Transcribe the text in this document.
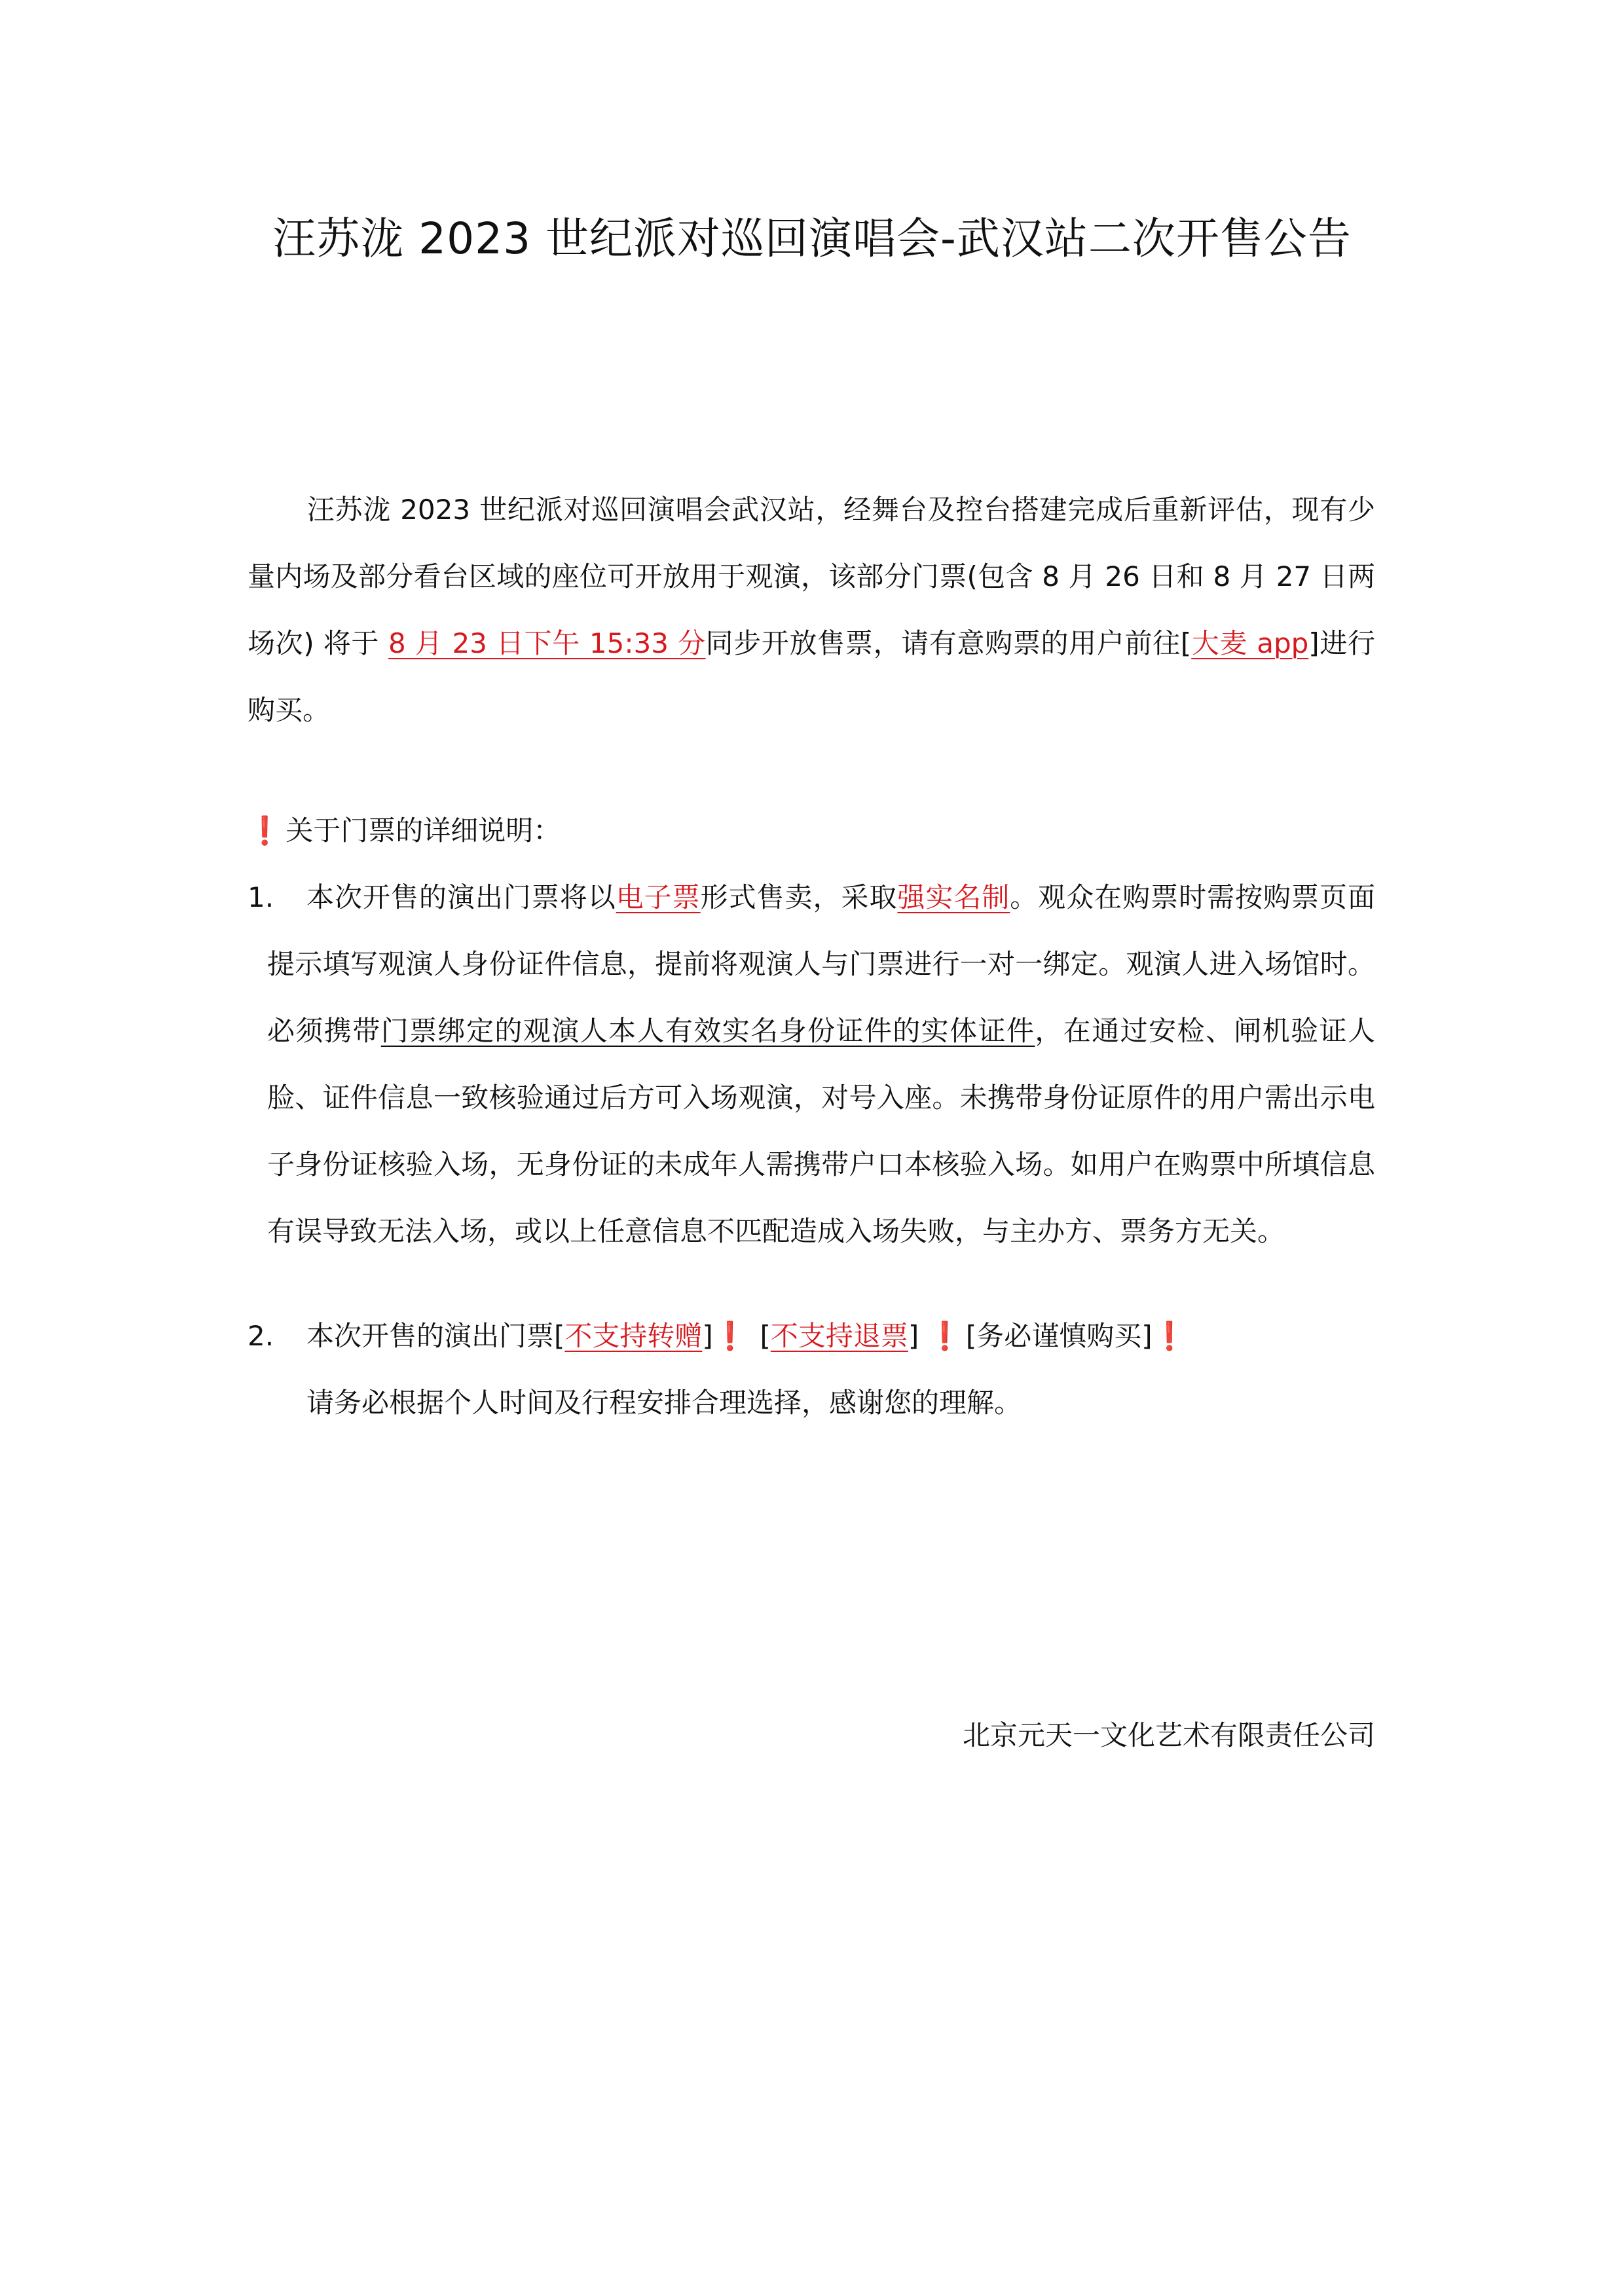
汪苏泷 2023 世纪派对巡回演唱会-武汉站二次开售公告
汪苏泷 2023 世纪派对巡回演唱会武汉站，经舞台及控台搭建完成后重新评估，现有少量内场及部分看台区域的座位可开放用于观演，该部分门票(包含 8 月 26 日和 8 月 27 日两场次) 将于 8 月 23 日下午 15:33 分同步开放售票，请有意购票的用户前往[大麦 app]进行购买。
❗ 关于门票的详细说明：
1.	本次开售的演出门票将以电子票形式售卖，采取强实名制。观众在购票时需按购票页面提示填写观演人身份证件信息，提前将观演人与门票进行一对一绑定。观演人进入场馆时。必须携带门票绑定的观演人本人有效实名身份证件的实体证件，在通过安检、闸机验证人脸、证件信息一致核验通过后方可入场观演，对号入座。未携带身份证原件的用户需出示电子身份证核验入场，无身份证的未成年人需携带户口本核验入场。如用户在购票中所填信息有误导致无法入场，或以上任意信息不匹配造成入场失败，与主办方、票务方无关。
2. 本次开售的演出门票[不支持转赠]❗ [不支持退票] ❗ [务必谨慎购买]❗
请务必根据个人时间及行程安排合理选择，感谢您的理解。
北京元天一文化艺术有限责任公司
